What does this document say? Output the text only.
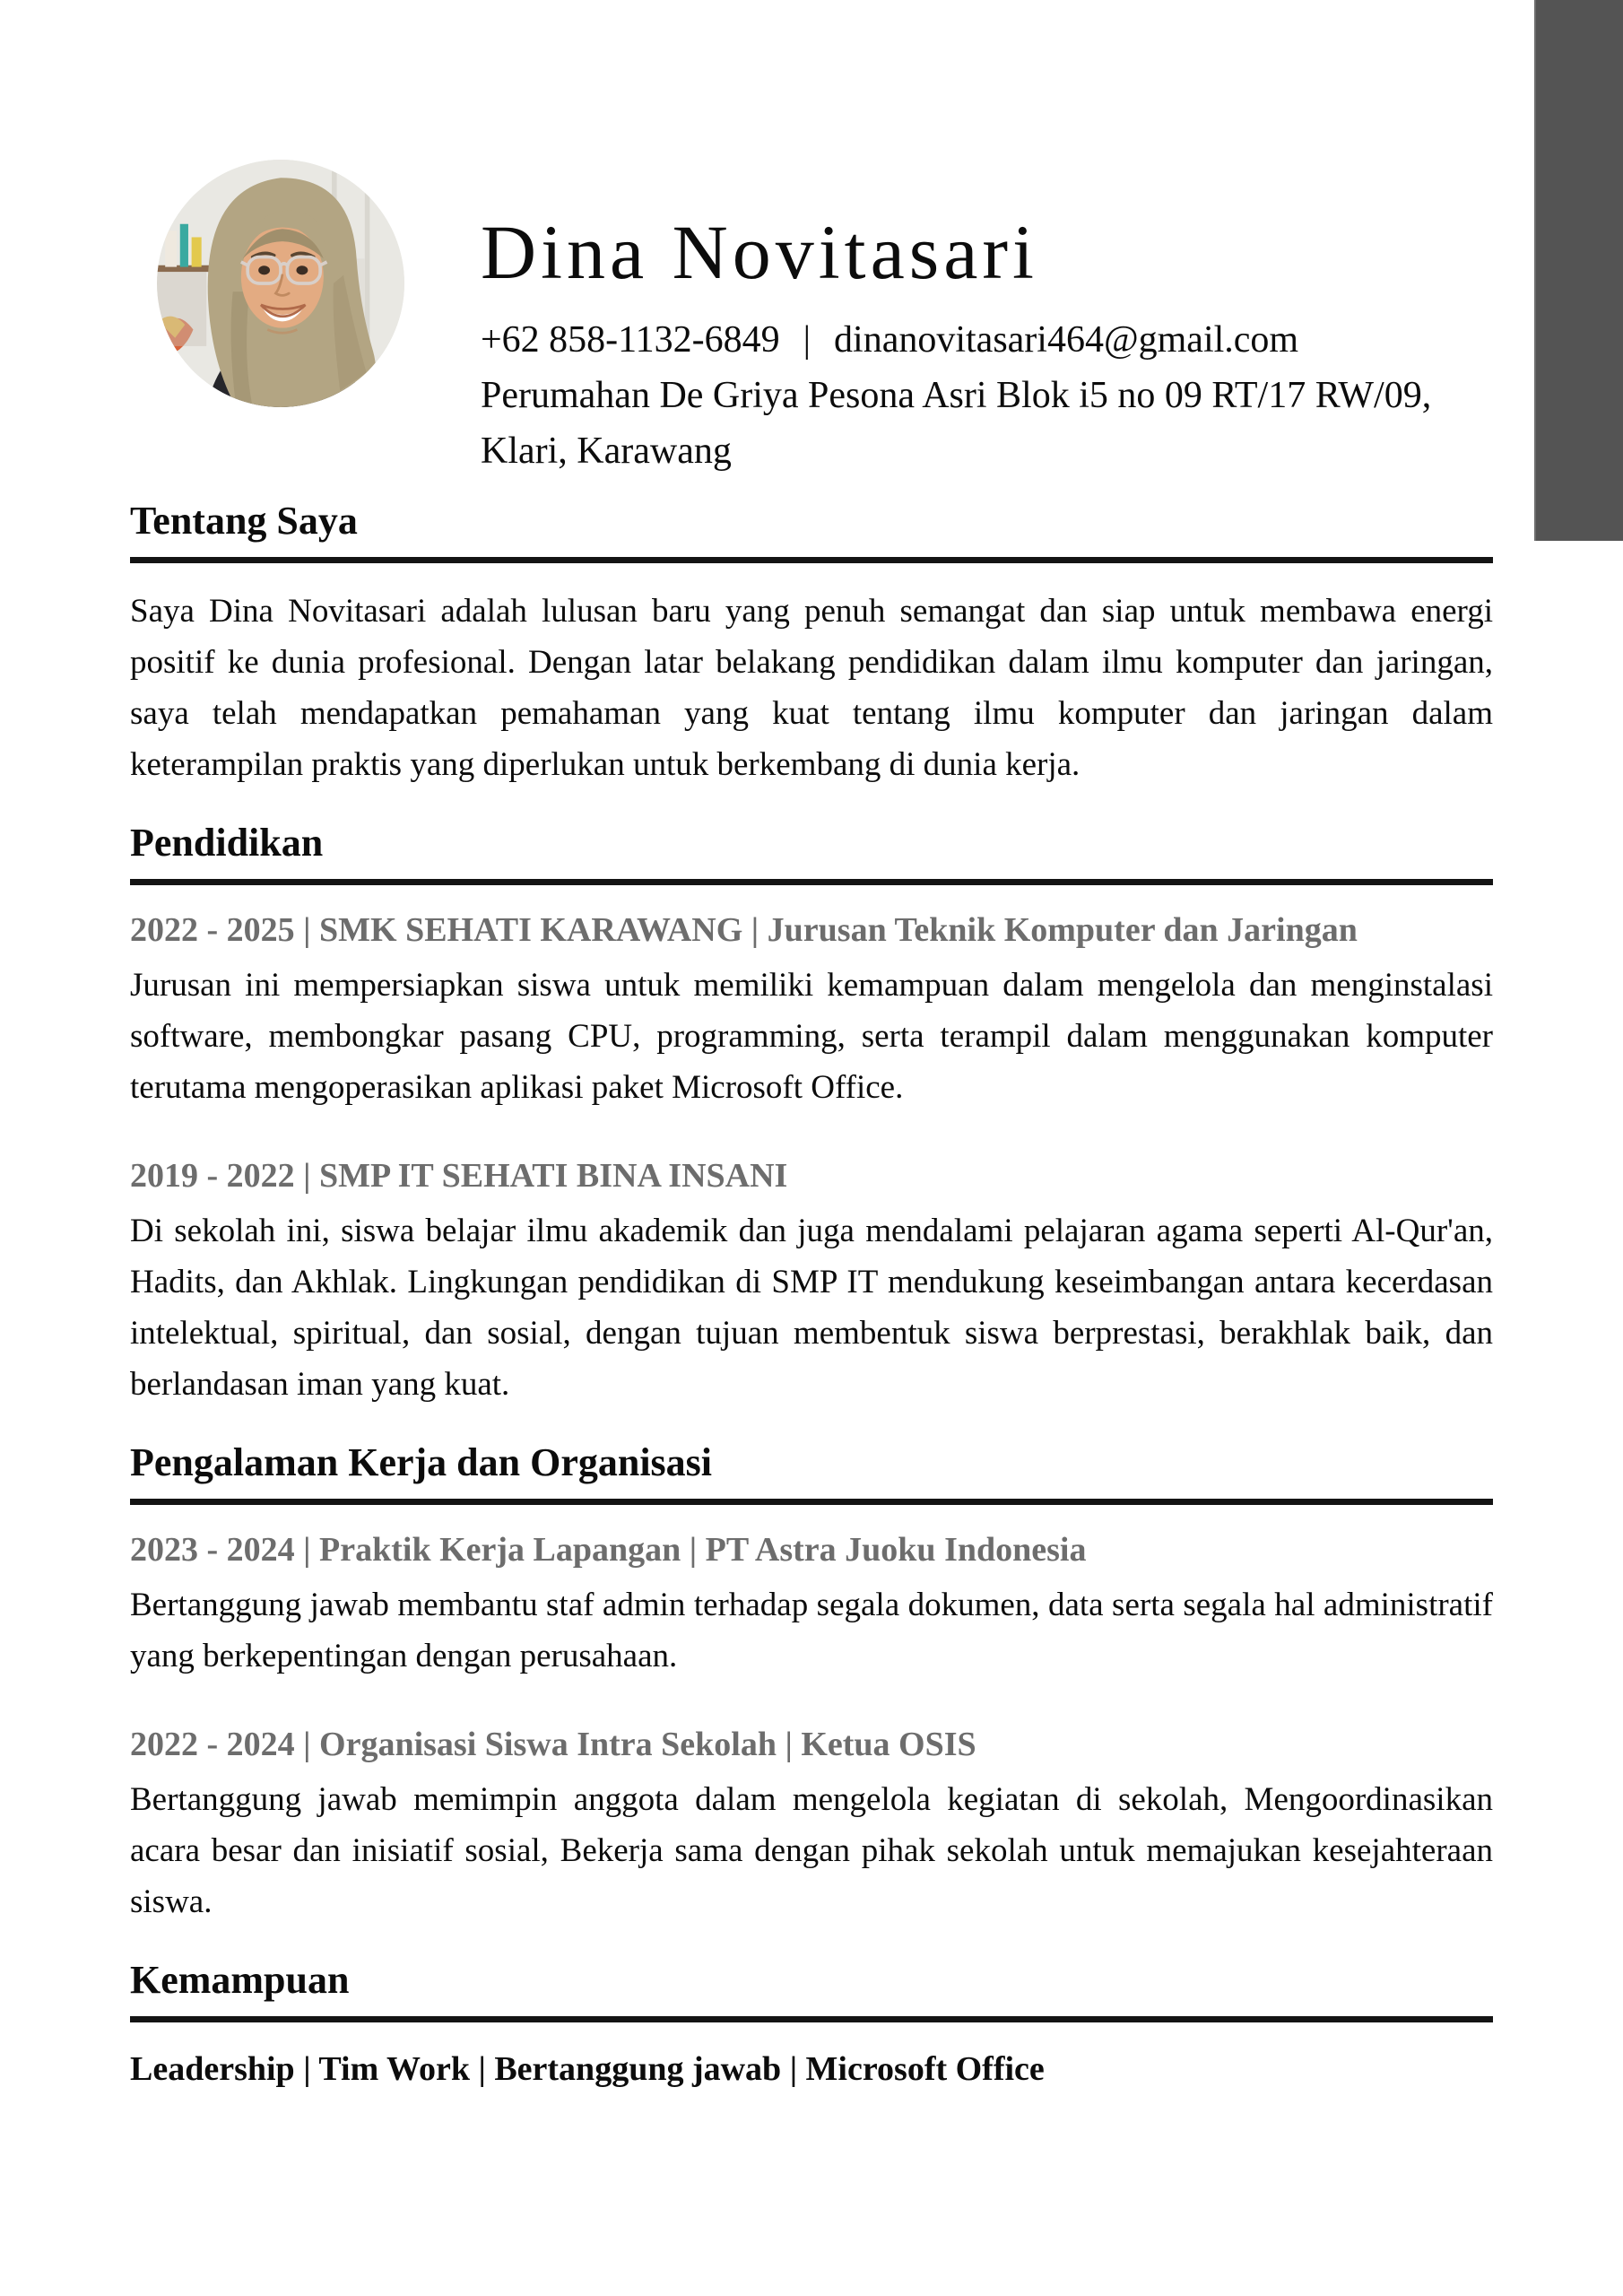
Dina Novitasari
+62 858-1132-6849 | dinanovitasari464@gmail.com
Perumahan De Griya Pesona Asri Blok i5 no 09 RT/17 RW/09,
Klari, Karawang
Tentang Saya

Saya Dina Novitasari adalah lulusan baru yang penuh semangat dan siap untuk membawa energi positif ke dunia profesional. Dengan latar belakang pendidikan dalam ilmu komputer dan jaringan, saya telah mendapatkan pemahaman yang kuat tentang ilmu komputer dan jaringan dalam keterampilan praktis yang diperlukan untuk berkembang di dunia kerja.

Pendidikan
2022 - 2025 | SMK SEHATI KARAWANG | Jurusan Teknik Komputer dan Jaringan

Jurusan ini mempersiapkan siswa untuk memiliki kemampuan dalam mengelola dan menginstalasi software, membongkar pasang CPU, programming, serta terampil dalam menggunakan komputer terutama mengoperasikan aplikasi paket Microsoft Office.

2019 - 2022 | SMP IT SEHATI BINA INSANI

Di sekolah ini, siswa belajar ilmu akademik dan juga mendalami pelajaran agama seperti Al-Qur'an, Hadits, dan Akhlak. Lingkungan pendidikan di SMP IT mendukung keseimbangan antara kecerdasan intelektual, spiritual, dan sosial, dengan tujuan membentuk siswa berprestasi, berakhlak baik, dan berlandasan iman yang kuat.

Pengalaman Kerja dan Organisasi
2023 - 2024 | Praktik Kerja Lapangan | PT Astra Juoku Indonesia

Bertanggung jawab membantu staf admin terhadap segala dokumen, data serta segala hal administratif yang berkepentingan dengan perusahaan.

2022 - 2024 | Organisasi Siswa Intra Sekolah | Ketua OSIS

Bertanggung jawab memimpin anggota dalam mengelola kegiatan di sekolah, Mengoordinasikan acara besar dan inisiatif sosial, Bekerja sama dengan pihak sekolah untuk memajukan kesejahteraan siswa.

Kemampuan
Leadership | Tim Work | Bertanggung jawab | Microsoft Office
